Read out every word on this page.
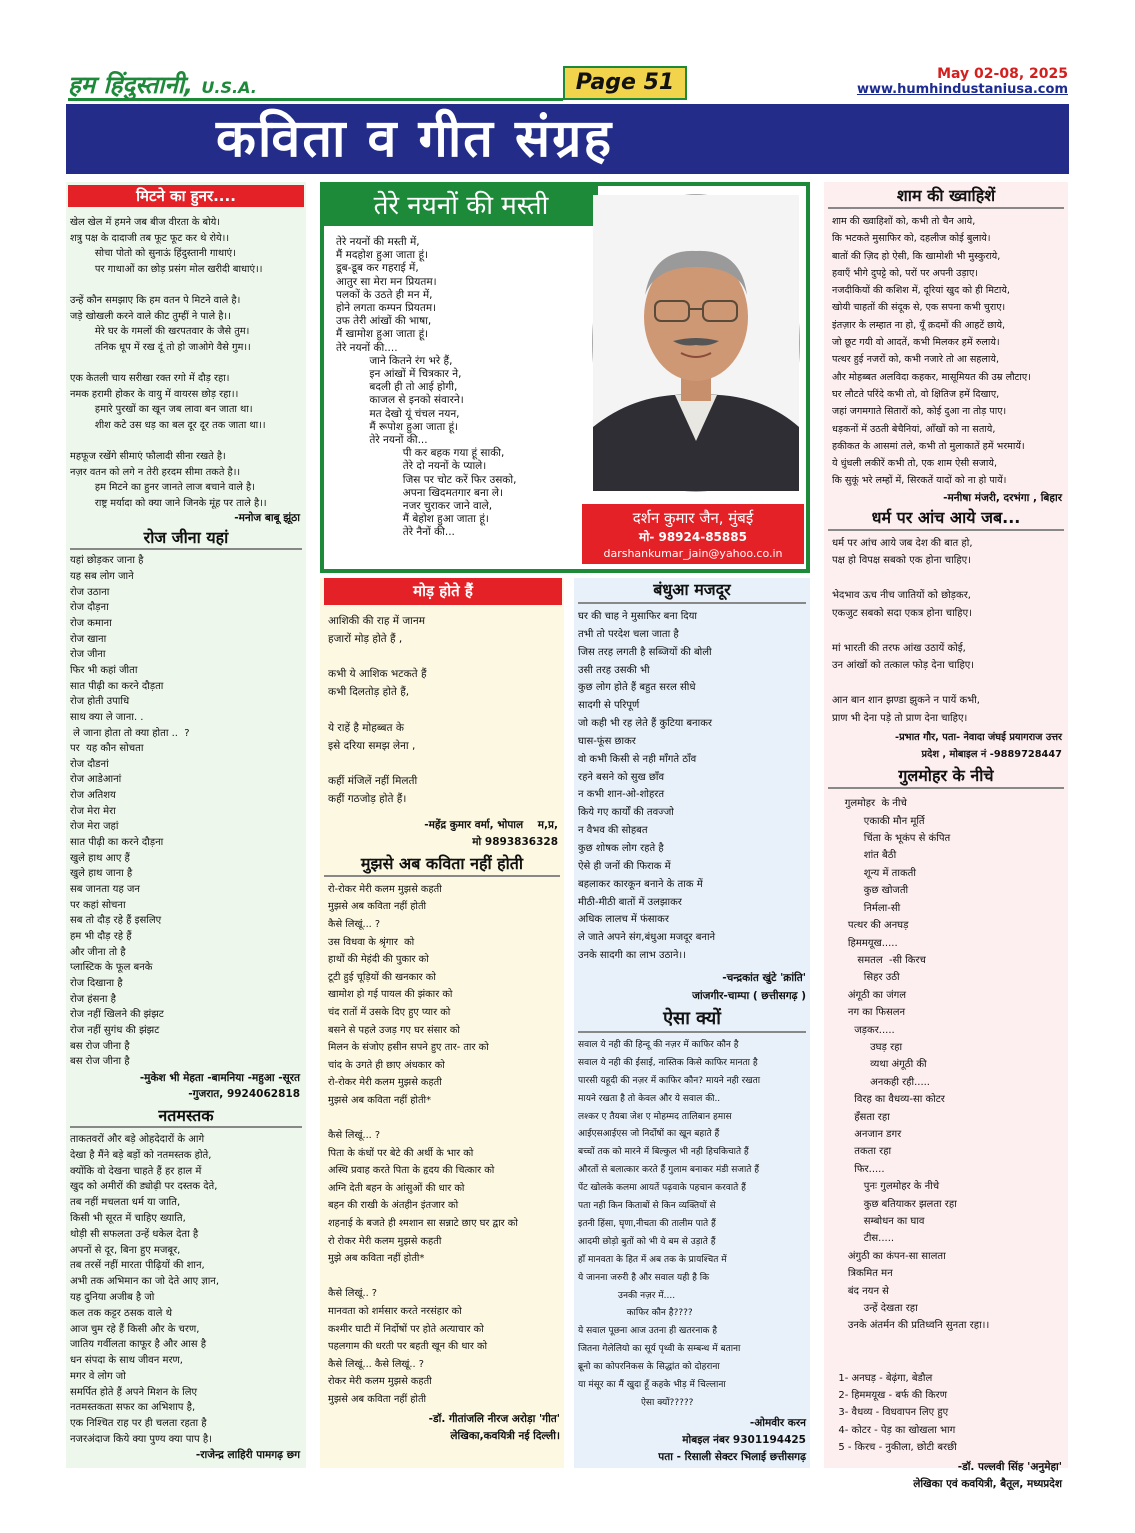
हम हिंदुस्तानी, U.S.A.	Page 51	May 02-08, 2025
www.humhindustaniusa.com
कविता व गीत संग्रह
मिटने का हुनर....
खेल खेल में हमने जब बीज वीरता के बोये।
शत्रु पक्ष के दादाजी तब फूट फूट कर थे रोये।।
सोचा पोतो को सुनाऊं हिंदुस्तानी गाथाएं।
पर गाथाओं का छोड़ प्रसंग मोल खरीदी बाधाएं।।

उन्हें कौन समझाए कि हम वतन पे मिटने वाले है।
जड़े खोखली करने वाले कीट तुम्हीं ने पाले है।।
मेरे घर के गमलों की खरपतवार के जैसे तुम।
तनिक धूप में रख दूं तो हो जाओगे वैसे गुम।।

एक केतली चाय सरीखा रक्त रगो में दौड़ रहा।
नमक हरामी होकर के वायु में वायरस छोड़ रहा।।
हमारे पुरखों का खून जब लावा बन जाता था।
शीश कटे उस धड़ का बल दूर दूर तक जाता था।।

महफूज रखेंगे सीमाएं फौलादी सीना रखते है।
नज़र वतन को लगे न तेरी हरदम सीमा तकते है।।
हम मिटने का हुनर जानते लाज बचाने वाले है।
राष्ट्र मर्यादा को क्या जाने जिनके मूंह पर ताले है।।
-मनोज बाबू झूंठा
रोज जीना यहां
यहां छोड़कर जाना है
यह सब लोग जाने
रोज उठाना
रोज दौड़ना
रोज कमाना
रोज खाना
रोज जीना
फिर भी कहां जीता
सात पीढ़ी का करने दौड़ता
रोज होती उपाधि
साथ क्या ले जाना. .
ले जाना होता तो क्या होता ..  ?
पर  यह कौन सोचता
रोज दौडनां
रोज आडेआनां
रोज अतिशय
रोज मेरा मेरा
रोज मेरा जहां
सात पीढ़ी का करने दौड़ना
खुले हाथ आए हैं
खुले हाथ जाना है
सब जानता यह जन
पर कहां सोचना
सब तो दौड़ रहे हैं इसलिए
हम भी दौड़ रहे हैं
और जीना तो है
प्लास्टिक के फूल बनके
रोज दिखाना है
रोज हंसना है
रोज नहीं खिलने की झंझट
रोज नहीं सुगंध की झंझट
बस रोज जीना है
बस रोज जीना है
-मुकेश भी मेहता -बामनिया -महुआ -सूरत
-गुजरात, 9924062818
नतमस्तक
ताकतवरों और बड़े ओहदेदारों के आगे
देखा है मैंने बड़े बड़ों को नतमस्तक होते,
क्योंकि वो देखना चाहते हैं हर हाल में
खुद को अमीरों की ड्योढ़ी पर दस्तक देते,
तब नहीं मचलता धर्म या जाति,
किसी भी सूरत में चाहिए ख्याति,
थोड़ी सी सफलता उन्हें धकेल देता है
अपनों से दूर, बिना हुए मजबूर,
तब तरसें नहीं मारता पीढ़ियों की शान,
अभी तक अभिमान का जो देते आए ज्ञान,
यह दुनिया अजीब है जो
कल तक कट्टर ठसक वाले थे
आज चुम रहे हैं किसी और के चरण,
जातिय गर्वीलता काफूर है और आस है
धन संपदा के साथ जीवन मरण,
मगर वे लोग जो
समर्पित होते हैं अपने मिशन के लिए
नतमस्तकता सफर का अभिशाप है,
एक निश्चित राह पर ही चलता रहता है
नजरअंदाज किये क्या पुण्य क्या पाप है।
-राजेन्द्र लाहिरी पामगढ़ छग
तेरे नयनों की मस्ती
तेरे नयनों की मस्ती में,
मैं मदहोश हुआ जाता हूं।
डूब-डूब कर गहराई में,
आतुर सा मेरा मन प्रियतम।
पलकों के उठते ही मन में,
होने लगता कम्पन प्रियतम।
उफ तेरी आंखों की भाषा,
मैं खामोश हुआ जाता हूं।
तेरे नयनों की....
जाने कितने रंग भरे हैं,
इन आंखों में चित्रकार ने,
बदली ही तो आई होगी,
काजल से इनको संवारने।
मत देखो यूं चंचल नयन,
मैं रूपोश हुआ जाता हूं।
तेरे नयनों की...
पी कर बहक गया हूं साकी,
तेरे दो नयनों के प्याले।
जिस पर चोट करें फिर उसको,
अपना खिदमतगार बना ले।
नजर चुराकर जाने वाले,
मैं बेहोश हुआ जाता हूं।
तेरे नैनों की...
दर्शन कुमार जैन, मुंबई
मो- 98924-85885
darshankumar_jain@yahoo.co.in
मोड़ होते हैं
आशिकी की राह में जानम
हजारों मोड़ होते हैं ,

कभी ये आशिक भटकते हैं
कभी दिलतोड़ होते हैं,

ये राहें है मोहब्बत के
इसे दरिया समझ लेना ,

कहीं मंजिलें नहीं मिलती
कहीं गठजोड़ होते हैं।
-महेंद्र कुमार वर्मा, भोपाल    म,प्र,
मो 9893836328
मुझसे अब कविता नहीं होती
रो-रोकर मेरी कलम मुझसे कहती
मुझसे अब कविता नहीं होती
कैसे लिखूं... ?
उस विधवा के श्रृंगार  को
हाथों की मेहंदी की पुकार को
टूटी हुई चूड़ियों की खनकार को
खामोश हो गई पायल की झंकार को
चंद रातों में उसके दिए हुए प्यार को
बसने से पहले उजड़ गए घर संसार को
मिलन के संजोए हसीन सपने हुए तार- तार को
चांद के उगते ही छाए अंधकार को
रो-रोकर मेरी कलम मुझसे कहती
मुझसे अब कविता नहीं होती*

कैसे लिखूं... ?
पिता के कंधों पर बेटे की अर्थी के भार को
अस्थि प्रवाह करते पिता के हृदय की चित्कार को
अग्नि देती बहन के आंसुओं की धार को
बहन की राखी के अंतहीन इंतजार को
शहनाई के बजते ही श्मशान सा सन्नाटे छाए घर द्वार को
रो रोकर मेरी कलम मुझसे कहती
मुझे अब कविता नहीं होती*

कैसे लिखूं.. ?
मानवता को शर्मसार करते नरसंहार को
कश्मीर घाटी में निर्दोषों पर होते अत्याचार को
पहलगाम की धरती पर बहती खून की धार को
कैसे लिखूं... कैसे लिखूं.. ?
रोकर मेरी कलम मुझसे कहती
मुझसे अब कविता नहीं होती
-डॉ. गीतांजलि नीरज अरोड़ा 'गीत'
लेखिका,कवयित्री नई दिल्ली।
बंधुआ मजदूर
घर की चाह ने मुसाफिर बना दिया
तभी तो परदेश चला जाता है
जिस तरह लगती है सब्जियों की बोली
उसी तरह उसकी भी
कुछ लोग होते हैं बहुत सरल सीधे
सादगी से परिपूर्ण
जो कही भी रह लेते हैं कुटिया बनाकर
घास-फूंस छाकर
वो कभी किसी से नही माँगते ठाँव
रहने बसने को सुख छाँव
न कभी शान-ओ-शोहरत
किये गए कार्यों की तवज्जो
न वैभव की सोहबत
कुछ शोषक लोग रहते है
ऐसे ही जनों की फिराक में
बहलाकर कारकून बनाने के ताक में
मीठी-मीठी बातों में उलझाकर
अधिक लालच में फंसाकर
ले जाते अपने संग,बंधुआ मजदूर बनाने
उनके सादगी का लाभ उठाने।।
-चन्द्रकांत खुंटे 'क्रांति'
जांजगीर-चाम्पा ( छत्तीसगढ़ )
ऐसा क्यों
सवाल ये नही की हिन्दू की नज़र में काफिर कौन है
सवाल ये नही की ईसाई, नास्तिक किसे काफिर मानता है
पारसी यहूदी की नज़र में काफिर कौन? मायने नही रखता
मायने रखता है तो केवल और ये सवाल की..
लश्कर ए तैयबा जेश ए मोहम्मद तालिबान हमास
आईएसआईएस जो निर्दोषों का खून बहाते हैं
बच्चों तक को मारने में बिल्कुल भी नही हिचकिचाते हैं
औरतों से बलात्कार करते हैं गुलाम बनाकर मंडी सजाते हैं
पेंट खोलके कलमा आयतें पढ़वाके पहचान करवाते हैं
पता नही किन किताबों से किन व्यक्तियों से
इतनी हिंसा, घृणा,नीचता की तालीम पाते हैं
आदमी छोड़ो बुतों को भी ये बम से उड़ाते हैं
हाँ मानवता के हित में अब तक के प्रायश्चित में
ये जानना जरुरी है और सवाल यही है कि
उनकी नज़र में....
काफिर कौन है????
ये सवाल पूछना आज उतना ही खतरनाक है
जितना गेलेलियो का सूर्य पृथ्वी के सम्बन्ध में बताना
ब्रूनो का कोपरनिकस के सिद्धांत को दोहराना
या मंसूर का मैं खुदा हूँ कहके भीड़ में चिल्लाना
ऐसा क्यों?????
-ओमवीर करन
मोबइल नंबर 9301194425
पता - रिसाली सेक्टर भिलाई छत्तीसगढ़
शाम की ख्वाहिशें
शाम की ख्वाहिशों को, कभी तो चैन आये,
कि भटकते मुसाफिर को, दहलीज कोई बुलाये।
बातों की ज़िद हो ऐसी, कि खामोशी भी मुस्कुराये,
हवाएँ भीगे दुपट्टे को, परों पर अपनी उड़ाए।
नजदीकियों की कशिश में, दूरियां खुद को ही मिटाये,
खोयी चाहतों की संदूक से, एक सपना कभी चुराए।
इंतज़ार के लम्हात ना हो, यूँ क़दमों की आहटें छाये,
जो छूट गयी वो आदतें, कभी मिलकर हमें रुलाये।
पत्थर हुई नजरों को, कभी नजारे तो आ सहलाये,
और मोहब्बत अलविदा कहकर, मासूमियत की उम्र लौटाए।
घर लौटते परिंदे कभी तो, वो क्षितिज हमें दिखाए,
जहां जगमगाते सितारों को, कोई दुआ ना तोड़ पाए।
धड़कनों में उठती बेचैनियां, आँखों को ना सताये,
हकीकत के आसमां तले, कभी तो मुलाकातें हमें भरमायें।
ये धुंधली लकीरें कभी तो, एक शाम ऐसी सजाये,
कि सुकूं भरे लम्हों में, सिरकतें यादों को ना हो पायें।
-मनीषा मंजरी, दरभंगा , बिहार
धर्म पर आंच आये जब...
धर्म पर आंच आये जब देश की बात हो,
पक्ष हो विपक्ष सबको एक होना चाहिए।

भेदभाव ऊच नीच जातियों को छोड़कर,
एकजुट सबको सदा एकत्र होना चाहिए।

मां भारती की तरफ आंख उठायें कोई,
उन आंखों को तत्काल फोड़ देना चाहिए।

आन बान शान झण्डा झुकने न पायें कभी,
प्राण भी देना पड़े तो प्राण देना चाहिए।
-प्रभात गौर, पता- नेवादा जंघई प्रयागराज उत्तर
प्रदेश , मोबाइल नं -9889728447
गुलमोहर के नीचे
गुलमोहर  के नीचे
एकाकी मौन मूर्ति
चिंता के भूकंप से कंपित
शांत बैठी
शून्य में ताकती
कुछ खोजती
निर्मला-सी
पत्थर की अनघड़
हिममयूख.....
समतल  -सी किरच
सिहर उठी
अंगूठी का जंगल
नग का फिसलन
जड़कर.....
उघड़ रहा
व्यथा अंगूठी की
अनकही रही.....
विरह का वैधव्य-सा कोटर
हँसता रहा
अनजान डगर
तकता रहा
फिर.....
पुनः गुलमोहर के नीचे
कुछ बतियाकर झलता रहा
सम्बोधन का घाव
टीस.....
अंगुठी का कंपन-सा सालता
त्रिकमित मन
बंद नयन से
उन्हें देखता रहा
उनके अंतर्मन की प्रतिध्वनि सुनता रहा।।

1- अनघड़ - बेढ़ंगा, बेडौल
2- हिममयूख - बर्फ की किरण
3- वैधव्य - विधवापन लिए हुए
4- कोटर - पेड़ का खोखला भाग
5 - किरच - नुकीला, छोटी बरछी
-डॉ. पल्लवी सिंह 'अनुमेहा'
लेखिका एवं कवयित्री, बैतूल, मध्यप्रदेश
